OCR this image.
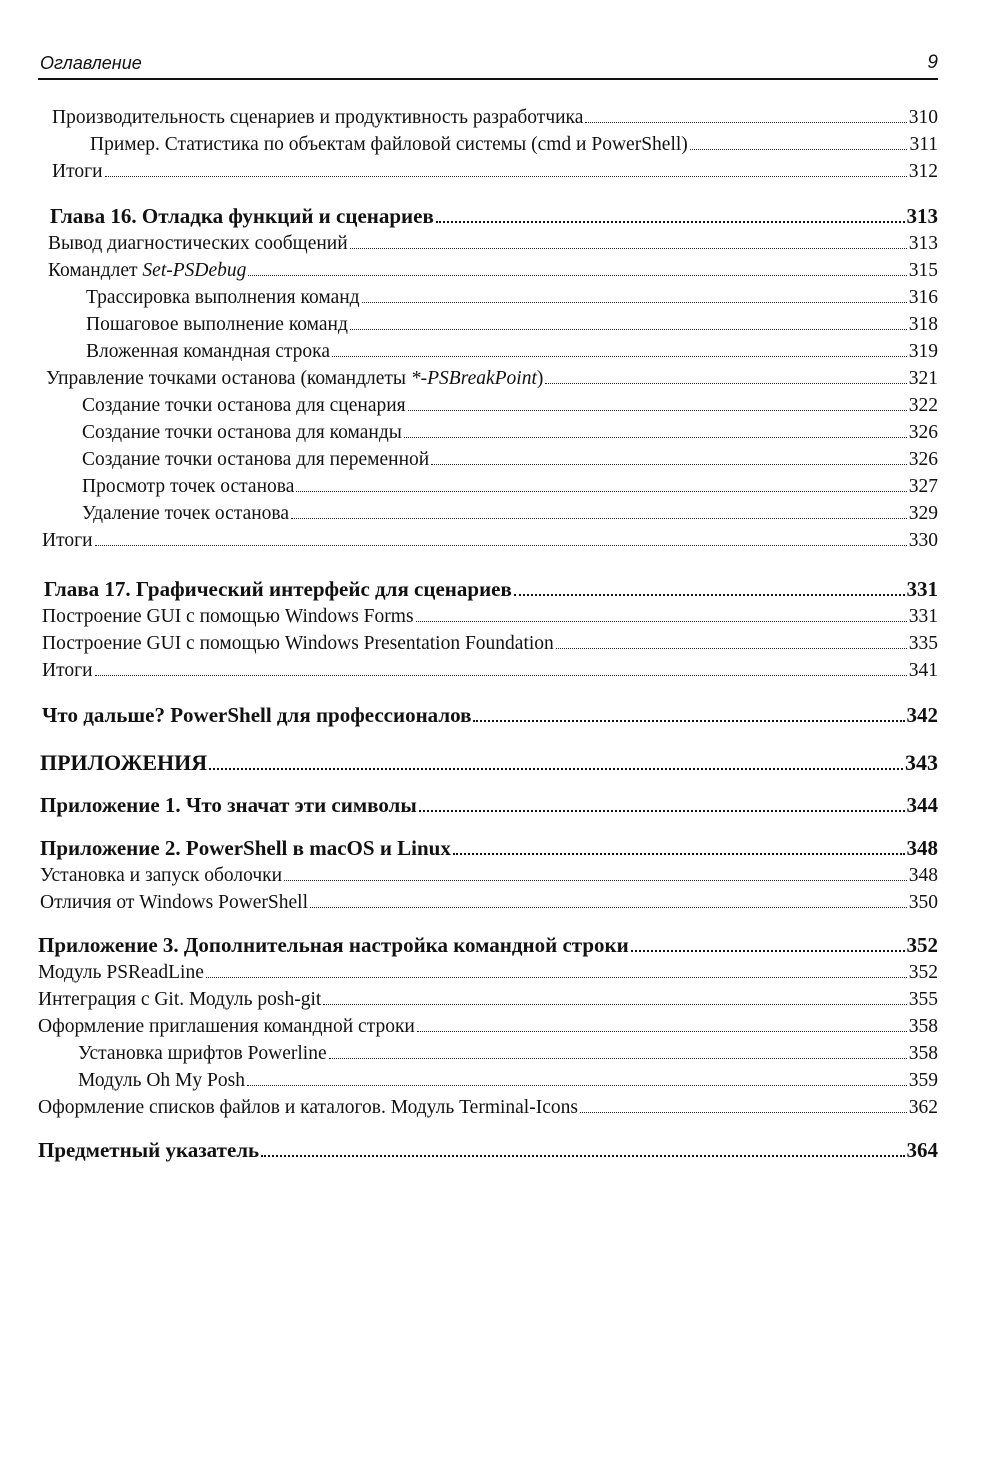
Оглавление	9
Производительность сценариев и продуктивность разработчика	310
Пример. Статистика по объектам файловой системы (cmd и PowerShell)	311
Итоги	312
Глава 16. Отладка функций и сценариев	313
Вывод диагностических сообщений	313
Командлет Set-PSDebug	315
Трассировка выполнения команд	316
Пошаговое выполнение команд	318
Вложенная командная строка	319
Управление точками останова (командлеты *-PSBreakPoint)	321
Создание точки останова для сценария	322
Создание точки останова для команды	326
Создание точки останова для переменной	326
Просмотр точек останова	327
Удаление точек останова	329
Итоги	330
Глава 17. Графический интерфейс для сценариев	331
Построение GUI с помощью Windows Forms	331
Построение GUI с помощью Windows Presentation Foundation	335
Итоги	341
Что дальше? PowerShell для профессионалов	342
ПРИЛОЖЕНИЯ	343
Приложение 1. Что значат эти символы	344
Приложение 2. PowerShell в macOS и Linux	348
Установка и запуск оболочки	348
Отличия от Windows PowerShell	350
Приложение 3. Дополнительная настройка командной строки	352
Модуль PSReadLine	352
Интеграция с Git. Модуль posh-git	355
Оформление приглашения командной строки	358
Установка шрифтов Powerline	358
Модуль Oh My Posh	359
Оформление списков файлов и каталогов. Модуль Terminal-Icons	362
Предметный указатель	364
